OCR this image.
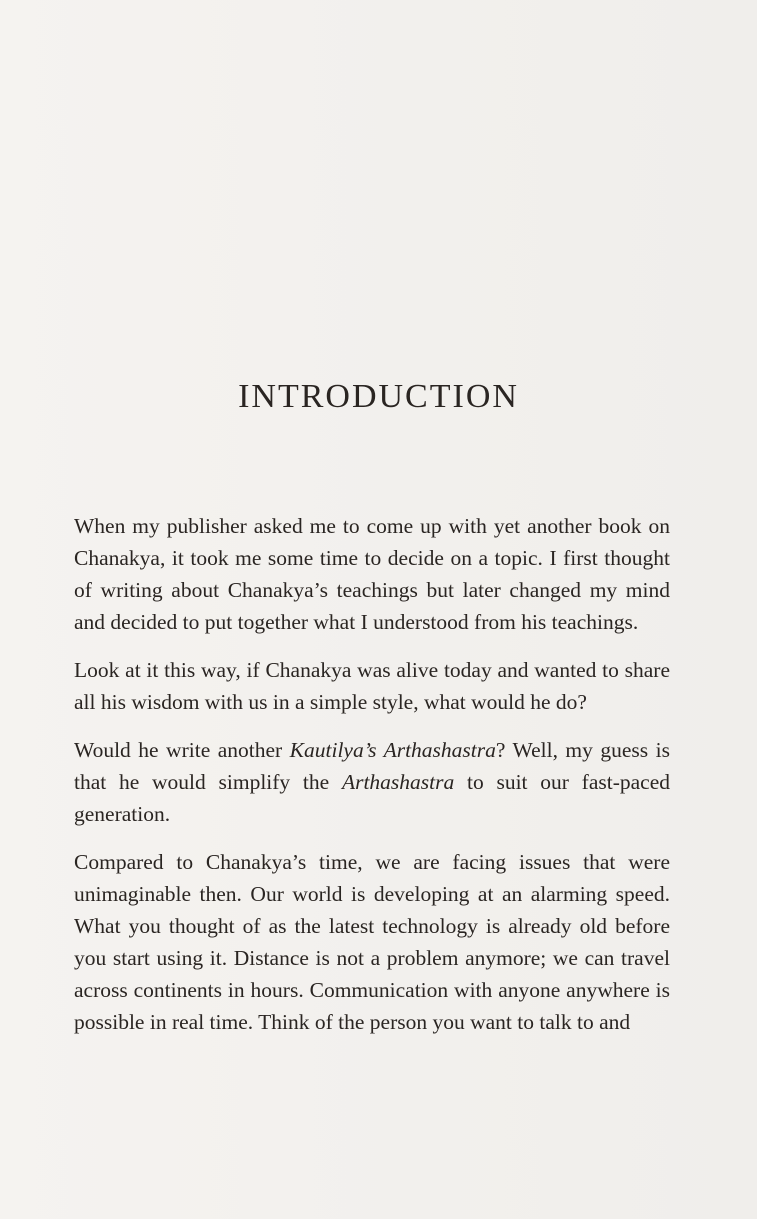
INTRODUCTION

When my publisher asked me to come up with yet another book on Chanakya, it took me some time to decide on a topic. I first thought of writing about Chanakya’s teachings but later changed my mind and decided to put together what I understood from his teachings.

Look at it this way, if Chanakya was alive today and wanted to share all his wisdom with us in a simple style, what would he do?

Would he write another Kautilya’s Arthashastra? Well, my guess is that he would simplify the Arthashastra to suit our fast-paced generation.

Compared to Chanakya’s time, we are facing issues that were unimaginable then. Our world is developing at an alarming speed. What you thought of as the latest technology is already old before you start using it. Distance is not a problem anymore; we can travel across continents in hours. Communication with anyone anywhere is possible in real time. Think of the person you want to talk to and
